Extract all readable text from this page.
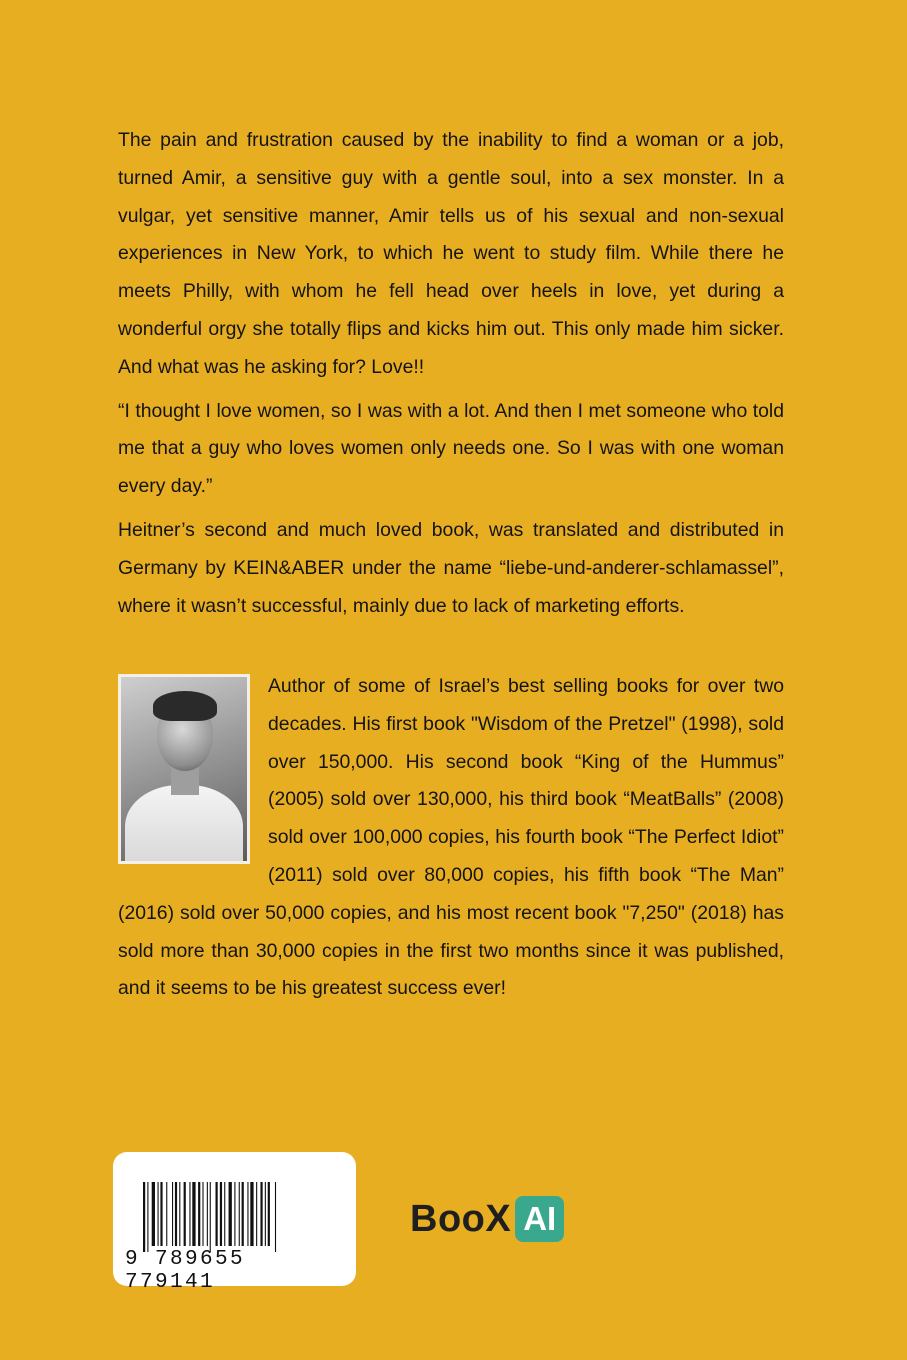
The pain and frustration caused by the inability to find a woman or a job, turned Amir, a sensitive guy with a gentle soul, into a sex monster. In a vulgar, yet sensitive manner, Amir tells us of his sexual and non-sexual experiences in New York, to which he went to study film. While there he meets Philly, with whom he fell head over heels in love, yet during a wonderful orgy she totally flips and kicks him out. This only made him sicker. And what was he asking for? Love!!

“I thought I love women, so I was with a lot. And then I met someone who told me that a guy who loves women only needs one. So I was with one woman every day.”

Heitner’s second and much loved book, was translated and distributed in Germany by KEIN&ABER under the name “liebe-und-anderer-schlamassel”, where it wasn’t successful, mainly due to lack of marketing efforts.

Author of some of Israel’s best selling books for over two decades. His first book "Wisdom of the Pretzel" (1998), sold over 150,000. His second book “King of the Hummus” (2005) sold over 130,000, his third book “MeatBalls” (2008) sold over 100,000 copies, his fourth book “The Perfect Idiot” (2011) sold over 80,000 copies, his fifth book “The Man” (2016) sold over 50,000 copies, and his most recent book "7,250" (2018) has sold more than 30,000 copies in the first two months since it was published, and it seems to be his greatest success ever!
9 789655 779141
BooX AI
